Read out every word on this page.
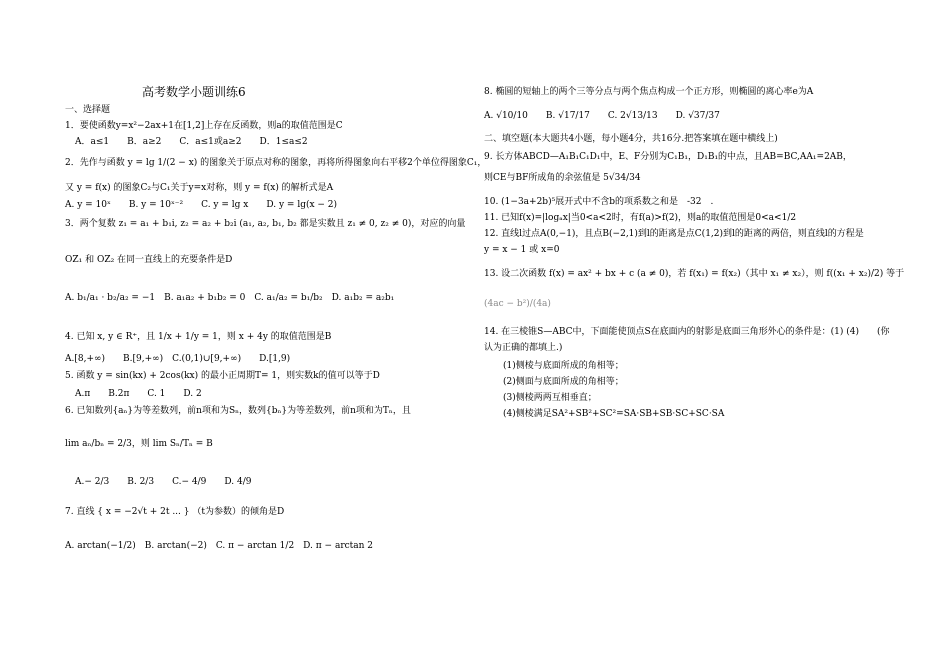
高考数学小题训练6
一、选择题
1．要使函数y=x²−2ax+1在[1,2]上存在反函数，则a的取值范围是C
A．a≤1　　B．a≥2　　C．a≤1或a≥2　　D．1≤a≤2
2．先作与函数 y = lg 1/(2 − x) 的图象关于原点对称的图象，再将所得图象向右平移2个单位得图象C₁，
又 y = f(x) 的图象C₂与C₁关于y=x对称，则 y = f(x) 的解析式是A
A. y = 10ˣ　　B. y = 10ˣ⁻²　　C. y = lg x　　D. y = lg(x − 2)
3．两个复数 z₁ = a₁ + b₁i, z₂ = a₂ + b₂i (a₁, a₂, b₁, b₂ 都是实数且 z₁ ≠ 0, z₂ ≠ 0)，对应的向量
OZ₁ 和 OZ₂ 在同一直线上的充要条件是D
A. b₁/a₁ · b₂/a₂ = −1　B. a₁a₂ + b₁b₂ = 0　C. a₁/a₂ = b₁/b₂　D. a₁b₂ = a₂b₁
4. 已知 x, y ∈ R⁺，且 1/x + 1/y = 1，则 x + 4y 的取值范围是B
A.[8,+∞)　　B.[9,+∞)　C.(0,1)∪[9,+∞)　　D.[1,9)
5. 函数 y = sin(kx) + 2cos(kx) 的最小正周期T= 1，则实数k的值可以等于D
A.π　　B.2π　　C. 1　　D. 2
6. 已知数列{aₙ}为等差数列，前n项和为Sₙ，数列{bₙ}为等差数列，前n项和为Tₙ，且
lim aₙ/bₙ = 2/3，则 lim Sₙ/Tₙ = B
A.− 2/3　　B. 2/3　　C.− 4/9　　D. 4/9
7. 直线 { x = −2√t + 2t ... } （t为参数）的倾角是D
A. arctan(−1/2)　B. arctan(−2)　C. π − arctan 1/2　D. π − arctan 2
8. 椭圆的短轴上的两个三等分点与两个焦点构成一个正方形，则椭圆的离心率e为A
A. √10/10　　B. √17/17　　C. 2√13/13　　D. √37/37
二、填空题(本大题共4小题，每小题4分，共16分.把答案填在题中横线上)
9. 长方体ABCD—A₁B₁C₁D₁中，E、F分别为C₁B₁，D₁B₁的中点，且AB=BC,AA₁=2AB，
则CE与BF所成角的余弦值是 5√34/34
10. (1−3a+2b)⁵展开式中不含b的项系数之和是　-32　.
11. 已知f(x)=|logₐx|当0<a<2时，有f(a)>f(2)，则a的取值范围是0<a<1/2
12. 直线l过点A(0,−1)，且点B(−2,1)到l的距离是点C(1,2)到l的距离的两倍，则直线l的方程是
y = x − 1 或 x=0
13. 设二次函数 f(x) = ax² + bx + c (a ≠ 0)，若 f(x₁) = f(x₂)（其中 x₁ ≠ x₂），则 f((x₁ + x₂)/2) 等于
(4ac − b²)/(4a)
14. 在三棱锥S—ABC中，下面能使顶点S在底面内的射影是底面三角形外心的条件是：(1) (4)　　(你
认为正确的都填上.)
(1)侧棱与底面所成的角相等；
(2)侧面与底面所成的角相等；
(3)侧棱两两互相垂直；
(4)侧棱满足SA²+SB²+SC²=SA·SB+SB·SC+SC·SA
